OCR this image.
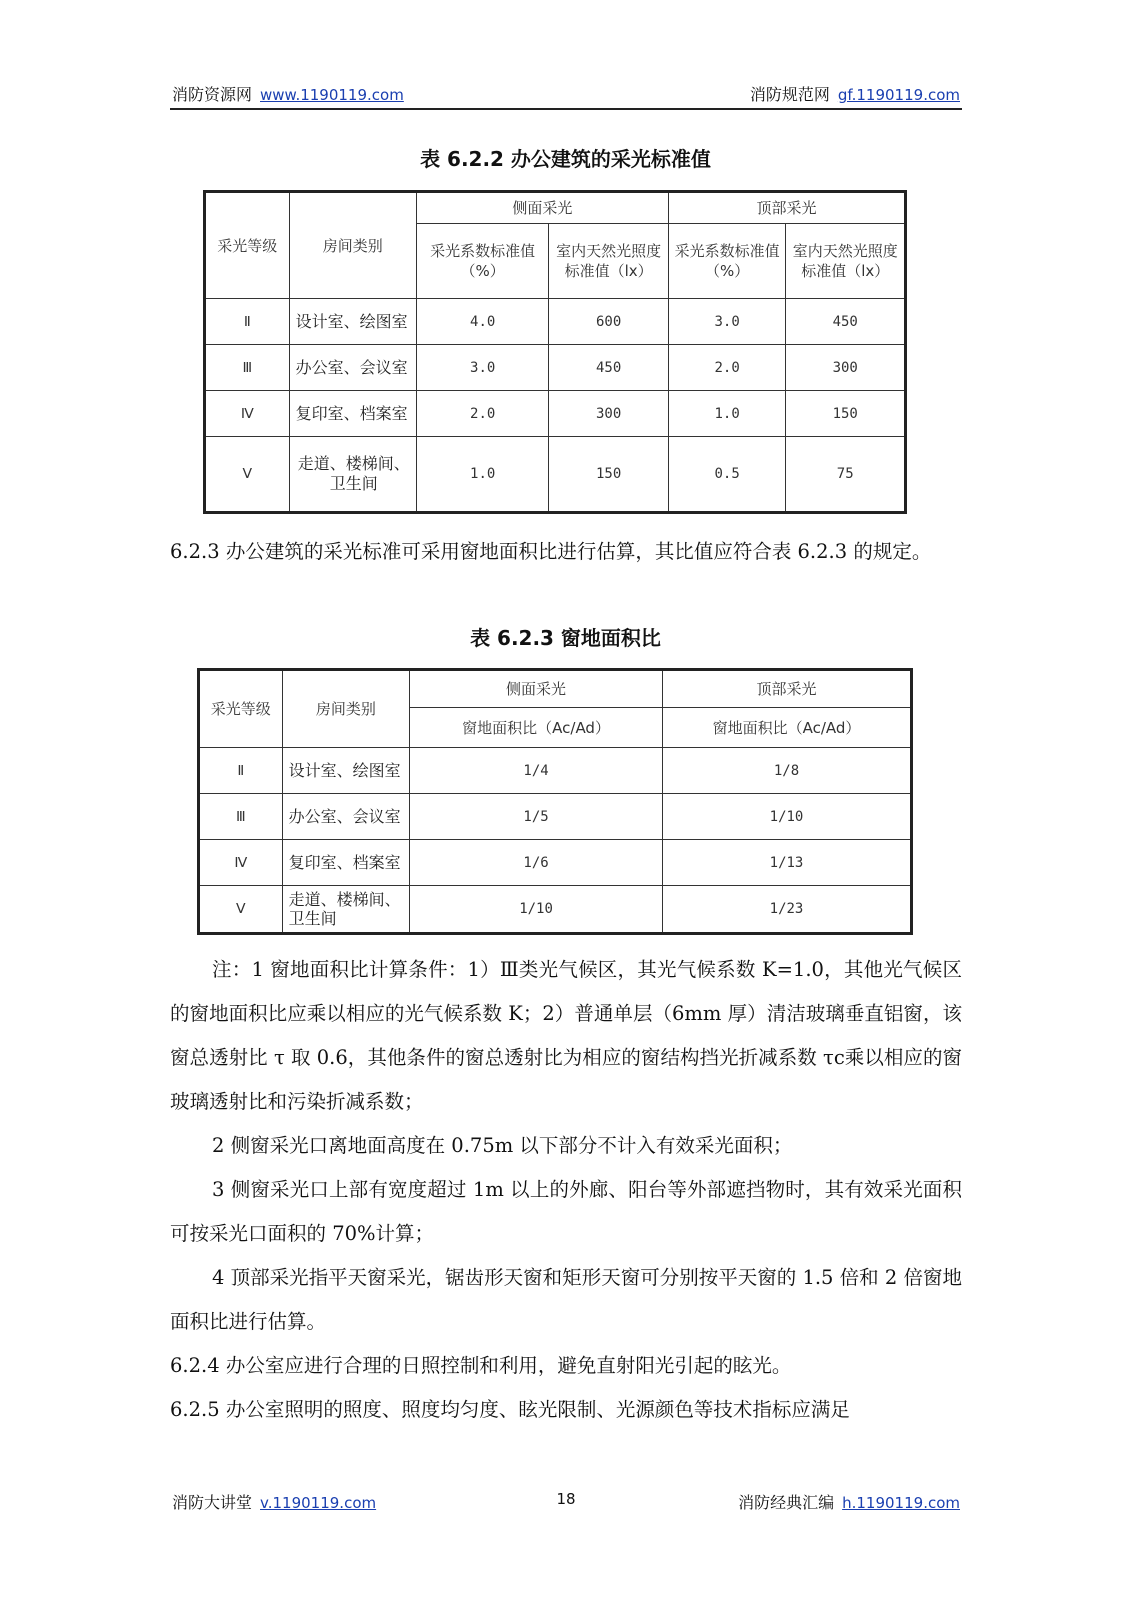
消防资源网 www.1190119.com	消防规范网 gf.1190119.com
表 6.2.2 办公建筑的采光标准值
采光等级	房间类别	侧面采光		顶部采光	
		采光系数标准值（%）	室内天然光照度标准值（lx）	采光系数标准值（%）	室内天然光照度标准值（lx）
Ⅱ	设计室、绘图室	4.0	600	3.0	450
Ⅲ	办公室、会议室	3.0	450	2.0	300
Ⅳ	复印室、档案室	2.0	300	1.0	150
Ⅴ	走道、楼梯间、卫生间	1.0	150	0.5	75

6.2.3 办公建筑的采光标准可采用窗地面积比进行估算，其比值应符合表 6.2.3 的规定。

表 6.2.3 窗地面积比
采光等级	房间类别	侧面采光	顶部采光
		窗地面积比（Ac/Ad）	窗地面积比（Ac/Ad）
Ⅱ	设计室、绘图室	1/4	1/8
Ⅲ	办公室、会议室	1/5	1/10
Ⅳ	复印室、档案室	1/6	1/13
Ⅴ	走道、楼梯间、卫生间	1/10	1/23

注：1 窗地面积比计算条件：1）Ⅲ类光气候区，其光气候系数 K=1.0，其他光气候区的窗地面积比应乘以相应的光气候系数 K；2）普通单层（6mm 厚）清洁玻璃垂直铝窗，该窗总透射比 τ 取 0.6，其他条件的窗总透射比为相应的窗结构挡光折减系数 τc乘以相应的窗玻璃透射比和污染折减系数；

2 侧窗采光口离地面高度在 0.75m 以下部分不计入有效采光面积；

3 侧窗采光口上部有宽度超过 1m 以上的外廊、阳台等外部遮挡物时，其有效采光面积可按采光口面积的 70%计算；

4 顶部采光指平天窗采光，锯齿形天窗和矩形天窗可分别按平天窗的 1.5 倍和 2 倍窗地面积比进行估算。

6.2.4 办公室应进行合理的日照控制和利用，避免直射阳光引起的眩光。

6.2.5 办公室照明的照度、照度均匀度、眩光限制、光源颜色等技术指标应满足

消防大讲堂 v.1190119.com	18	消防经典汇编 h.1190119.com
